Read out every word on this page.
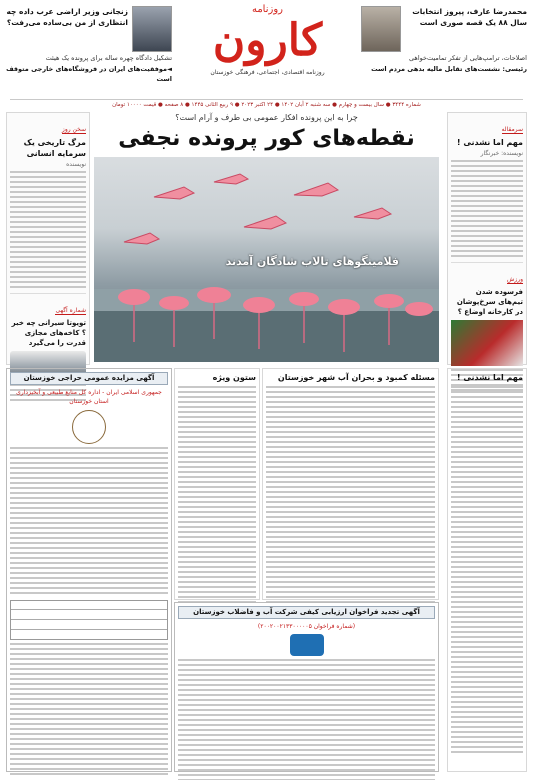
محمدرضا عارف، پیروز انتخابات
سال ۸۸ یک قصه صوری است
اصلاحات، ترامپ‌هایی از تفکر تمامیت‌خواهی
رئیسی: نشست‌های تقابل مالیه بدهی مردم است
روزنامه
کارون
روزنامه اقتصادی، اجتماعی، فرهنگی خوزستان
زنجانی وزیر اراضی عرب داده چه
انتظاری از من بی‌ساده می‌رفت؟
تشکیل دادگاه چهره ساله برای پرونده یک هیئت
◄موفقیت‌های ایران در فروشگاه‌های خارجی متوقف است
شماره ۳۴۴۴ ● سال بیست و چهارم ● سه شنبه ۲ آبان ۱۴۰۲ ● ۲۴ اکتبر ۲۰۲۳ ● ۹ ربیع الثانی ۱۴۴۵ ● ۸ صفحه ● قیمت ۱۰۰۰۰ تومان
سرمقاله
مهم‌ اما نشدنی !
نویسنده: خبرنگار
ورزش
فرسوده‌ شدن تیم‌های سرخ‌پوشان در کارخانه اوضاع ؟
چرا به این پرونده افکار عمومی بی طرف و آرام است؟
نقطه‌های کور پرونده نجفی
فلامینگوهای تالاب شادگان آمدند
سخن روز
مرگ تاریخی یک سرمایه انسانی
نویسنده
شماره‌ آگهی
تویوتا سیرانی چه خبر ؟ کاخه‌های مجازی قدرت را می‌گیرد
مهم‌ اما نشدنی !
مسئله‌ کمبود و بحران آب شهر خوزستان
ستون ویژه
آگهی مزایده عمومی حراجی خوزستان
جمهوری اسلامی ایران - اداره کل منابع طبیعی و آبخیزداری استان خوزستان
آگهی تجدید فراخوان ارزیابی کیفی شرکت آب و فاضلاب خوزستان
(شماره فراخوان ۲۰۰۲۰۰۲۱۳۳۰۰۰۰۰۵)
